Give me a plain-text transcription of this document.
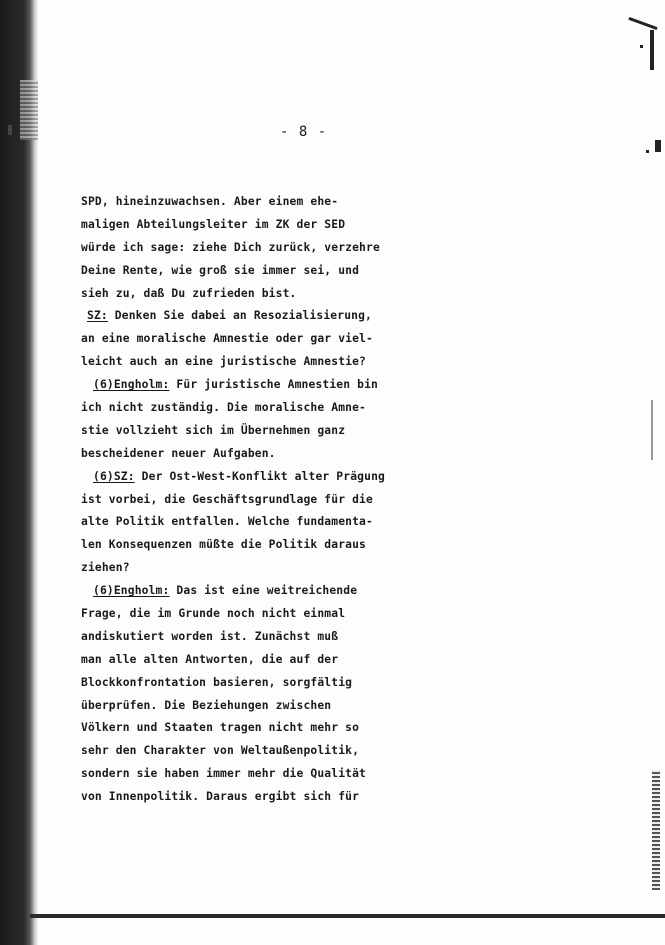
- 8 -
SPD, hineinzuwachsen. Aber einem ehe-
maligen Abteilungsleiter im ZK der SED
würde ich sage: ziehe Dich zurück, verzehre
Deine Rente, wie groß sie immer sei, und
sieh zu, daß Du zufrieden bist.
SZ: Denken Sie dabei an Resozialisierung,
an eine moralische Amnestie oder gar viel-
leicht auch an eine juristische Amnestie?
(6)Engholm: Für juristische Amnestien bin
ich nicht zuständig. Die moralische Amne-
stie vollzieht sich im Übernehmen ganz
bescheidener neuer Aufgaben.
(6)SZ: Der Ost-West-Konflikt alter Prägung
ist vorbei, die Geschäftsgrundlage für die
alte Politik entfallen. Welche fundamenta-
len Konsequenzen müßte die Politik daraus
ziehen?
(6)Engholm: Das ist eine weitreichende
Frage, die im Grunde noch nicht einmal
andiskutiert worden ist. Zunächst muß
man alle alten Antworten, die auf der
Blockkonfrontation basieren, sorgfältig
überprüfen. Die Beziehungen zwischen
Völkern und Staaten tragen nicht mehr so
sehr den Charakter von Weltaußenpolitik,
sondern sie haben immer mehr die Qualität
von Innenpolitik. Daraus ergibt sich für
